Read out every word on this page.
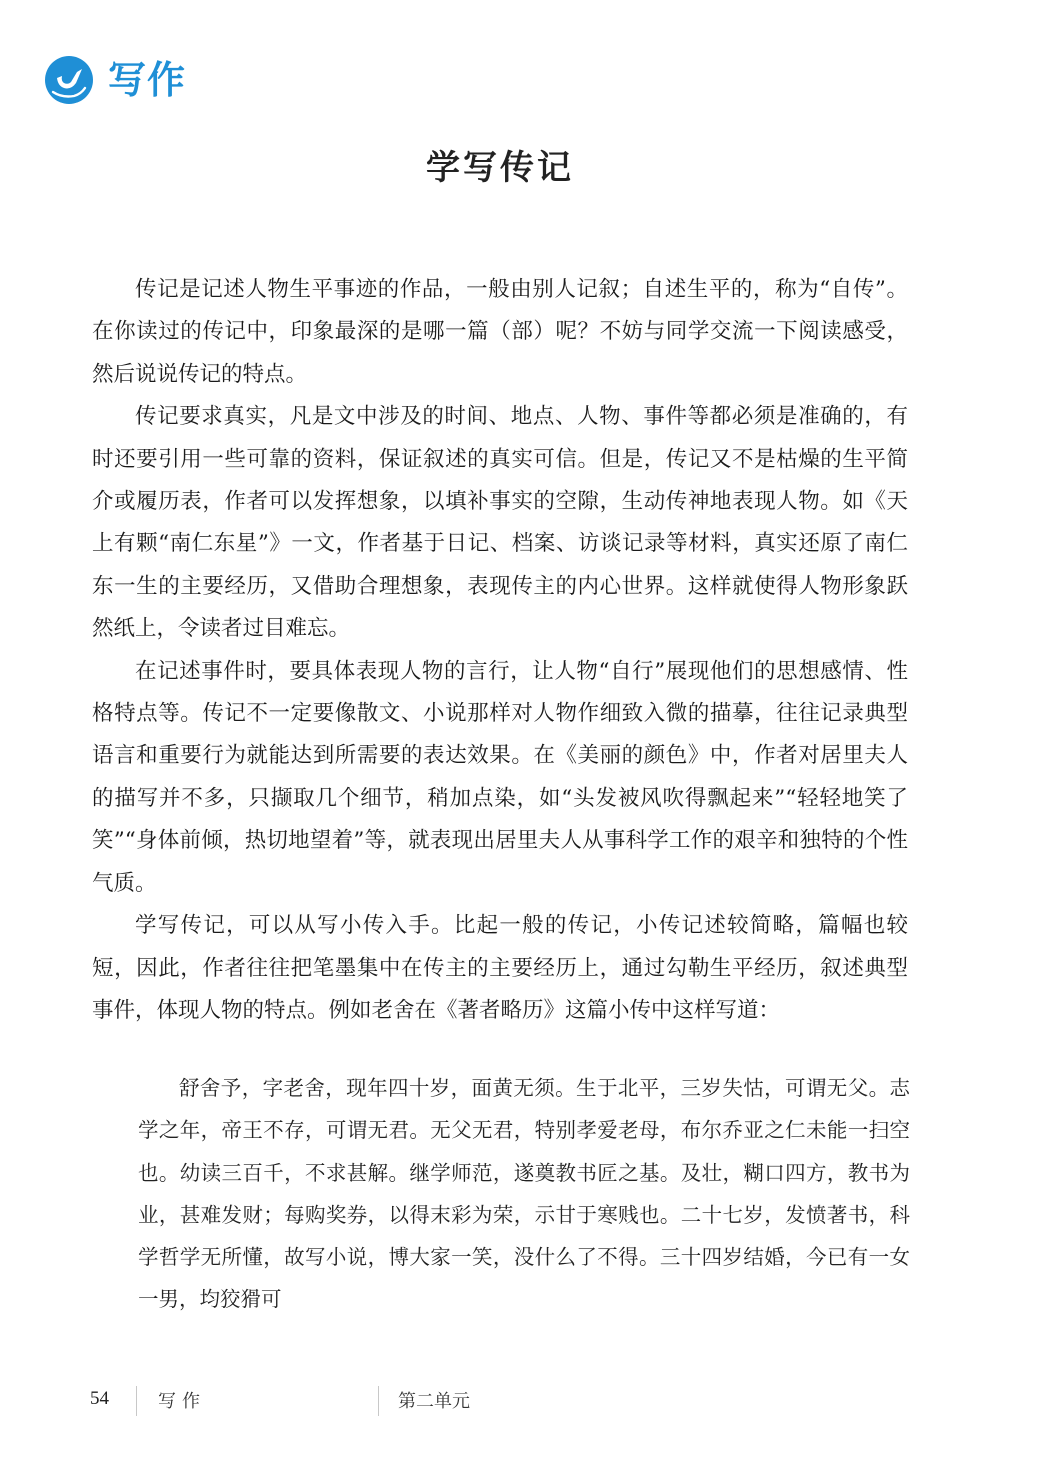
写作
学写传记

传记是记述人物生平事迹的作品，一般由别人记叙；自述生平的，称为“自传”。在你读过的传记中，印象最深的是哪一篇（部）呢？不妨与同学交流一下阅读感受，然后说说传记的特点。

传记要求真实，凡是文中涉及的时间、地点、人物、事件等都必须是准确的，有时还要引用一些可靠的资料，保证叙述的真实可信。但是，传记又不是枯燥的生平简介或履历表，作者可以发挥想象，以填补事实的空隙，生动传神地表现人物。如《天上有颗“南仁东星”》一文，作者基于日记、档案、访谈记录等材料，真实还原了南仁东一生的主要经历，又借助合理想象，表现传主的内心世界。这样就使得人物形象跃然纸上，令读者过目难忘。

在记述事件时，要具体表现人物的言行，让人物“自行”展现他们的思想感情、性格特点等。传记不一定要像散文、小说那样对人物作细致入微的描摹，往往记录典型语言和重要行为就能达到所需要的表达效果。在《美丽的颜色》中，作者对居里夫人的描写并不多，只撷取几个细节，稍加点染，如“头发被风吹得飘起来”“轻轻地笑了笑”“身体前倾，热切地望着”等，就表现出居里夫人从事科学工作的艰辛和独特的个性气质。

学写传记，可以从写小传入手。比起一般的传记，小传记述较简略，篇幅也较短，因此，作者往往把笔墨集中在传主的主要经历上，通过勾勒生平经历，叙述典型事件，体现人物的特点。例如老舍在《著者略历》这篇小传中这样写道：

舒舍予，字老舍，现年四十岁，面黄无须。生于北平，三岁失怙，可谓无父。志学之年，帝王不存，可谓无君。无父无君，特别孝爱老母，布尔乔亚之仁未能一扫空也。幼读三百千，不求甚解。继学师范，遂奠教书匠之基。及壮，糊口四方，教书为业，甚难发财；每购奖券，以得末彩为荣，示甘于寒贱也。二十七岁，发愤著书，科学哲学无所懂，故写小说，博大家一笑，没什么了不得。三十四岁结婚，今已有一女一男，均狡猾可

54	写作	第二单元
